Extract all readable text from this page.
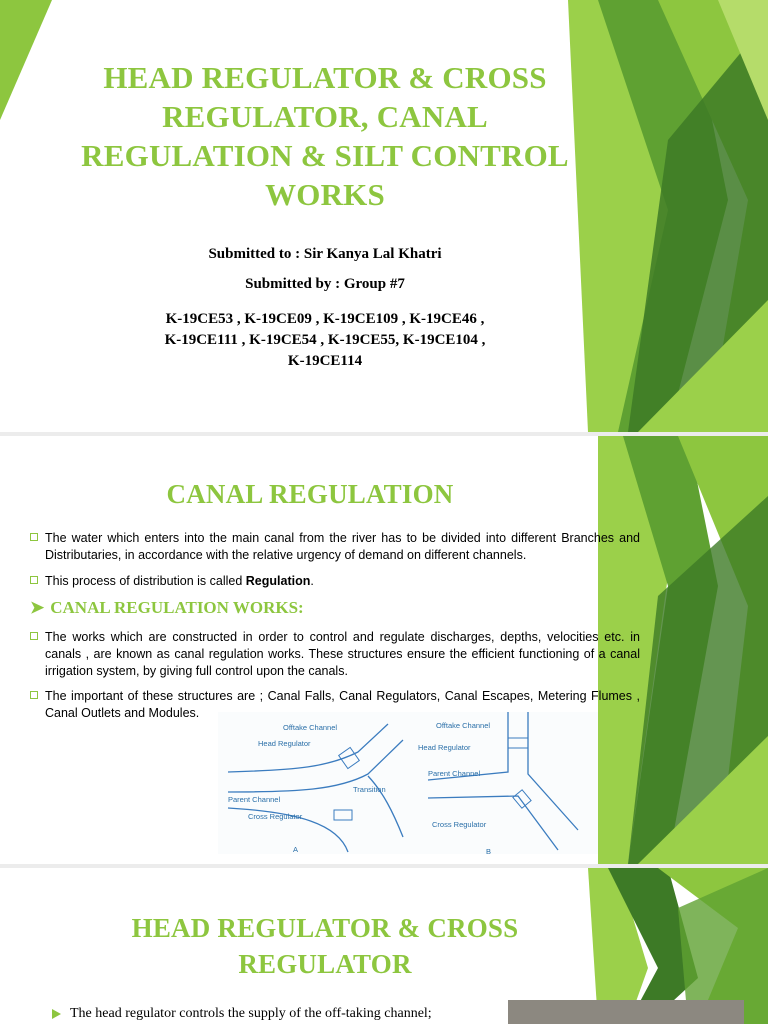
HEAD REGULATOR & CROSS REGULATOR, CANAL REGULATION & SILT CONTROL WORKS
Submitted to : Sir Kanya Lal Khatri
Submitted by : Group #7
K-19CE53 , K-19CE09 , K-19CE109 , K-19CE46 ,
K-19CE111 , K-19CE54 , K-19CE55, K-19CE104 ,
K-19CE114
CANAL REGULATION
The water which enters into the main canal from the river has to be divided into different Branches and Distributaries, in accordance with the relative urgency of demand on different channels.
This process of distribution is called Regulation.
➤ CANAL REGULATION WORKS:
The works which are constructed in order to control and regulate discharges, depths, velocities etc. in canals , are known as canal regulation works. These structures ensure the efficient functioning of a canal irrigation system, by giving full control upon the canals.
The important of these structures are ; Canal Falls, Canal Regulators, Canal Escapes, Metering Flumes , Canal Outlets and Modules.
Offtake Channel
Head Regulator
Transition
Parent Channel
Cross Regulator
A
Offtake Channel
Head Regulator
Parent Channel
Cross Regulator
B
HEAD REGULATOR & CROSS REGULATOR
The head regulator controls the supply of the off-taking channel;
